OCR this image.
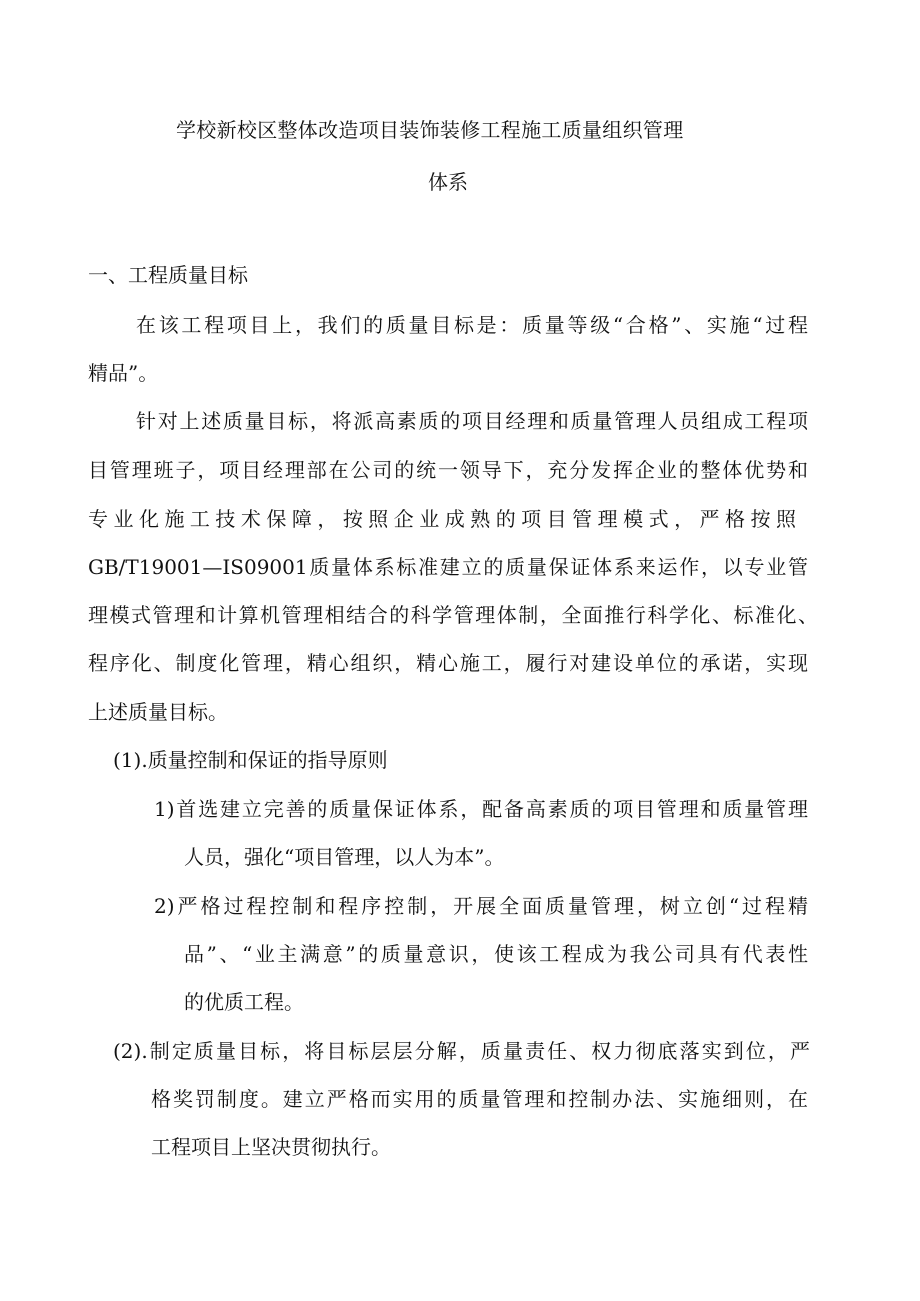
学校新校区整体改造项目装饰装修工程施工质量组织管理

体系

一、工程质量目标

在该工程项目上，我们的质量目标是：质量等级“合格”、实施“过程

精品”。

针对上述质量目标，将派高素质的项目经理和质量管理人员组成工程项

目管理班子，项目经理部在公司的统一领导下，充分发挥企业的整体优势和

专业化施工技术保障，按照企业成熟的项目管理模式，严格按照

GB/T19001—IS09001质量体系标准建立的质量保证体系来运作，以专业管

理模式管理和计算机管理相结合的科学管理体制，全面推行科学化、标准化、

程序化、制度化管理，精心组织，精心施工，履行对建设单位的承诺，实现

上述质量目标。

(1).质量控制和保证的指导原则

1)首选建立完善的质量保证体系，配备高素质的项目管理和质量管理

人员，强化“项目管理，以人为本”。

2)严格过程控制和程序控制，开展全面质量管理，树立创“过程精

品”、“业主满意”的质量意识，使该工程成为我公司具有代表性

的优质工程。

(2).制定质量目标，将目标层层分解，质量责任、权力彻底落实到位，严

格奖罚制度。建立严格而实用的质量管理和控制办法、实施细则，在

工程项目上坚决贯彻执行。
